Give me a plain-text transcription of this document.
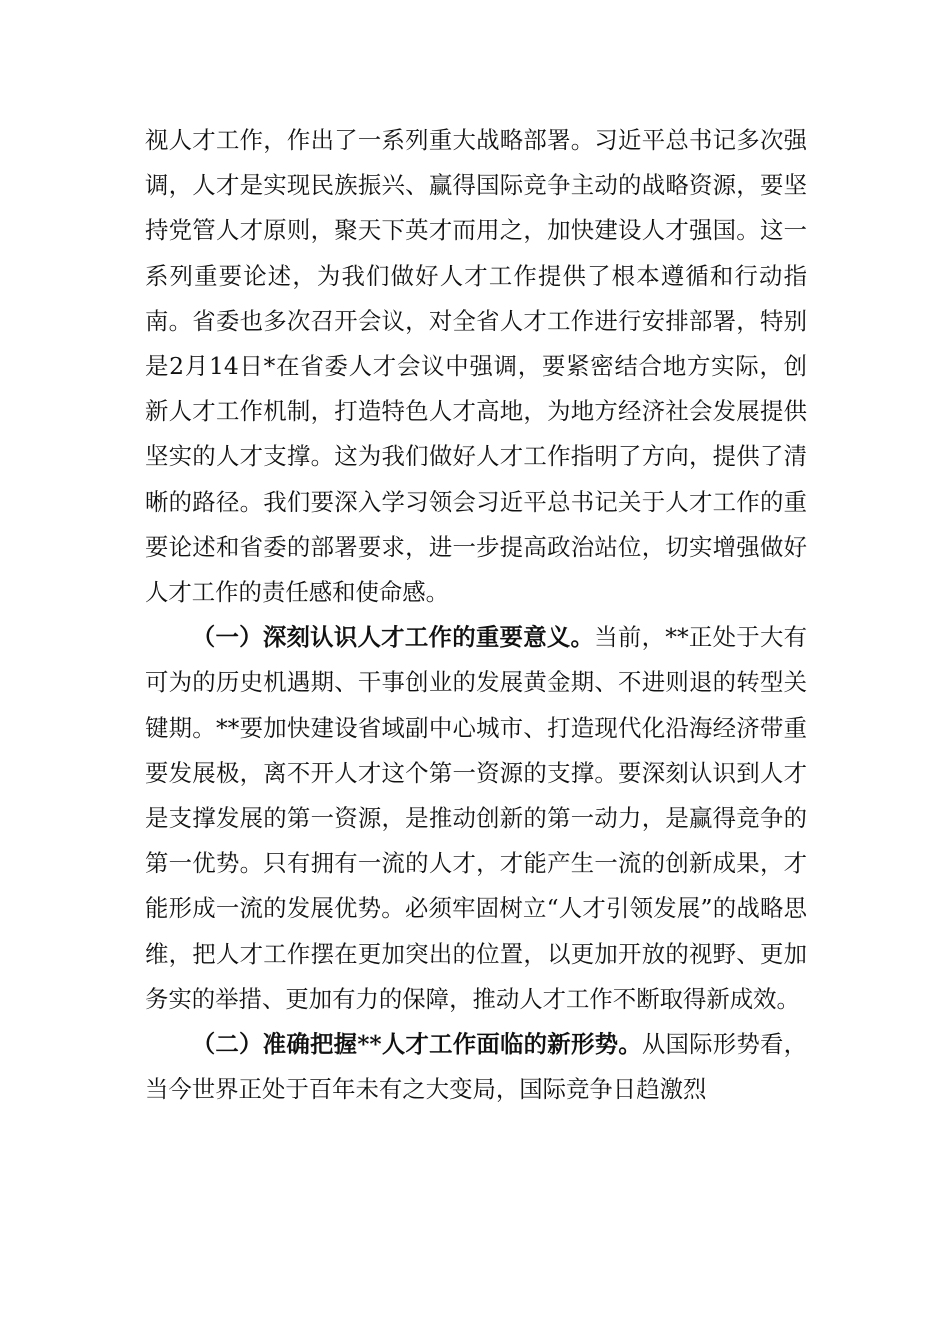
视人才工作，作出了一系列重大战略部署。习近平总书记多次强调，人才是实现民族振兴、赢得国际竞争主动的战略资源，要坚持党管人才原则，聚天下英才而用之，加快建设人才强国。这一系列重要论述，为我们做好人才工作提供了根本遵循和行动指南。省委也多次召开会议，对全省人才工作进行安排部署，特别是2月14日*在省委人才会议中强调，要紧密结合地方实际，创新人才工作机制，打造特色人才高地，为地方经济社会发展提供坚实的人才支撑。这为我们做好人才工作指明了方向，提供了清晰的路径。我们要深入学习领会习近平总书记关于人才工作的重要论述和省委的部署要求，进一步提高政治站位，切实增强做好人才工作的责任感和使命感。

（一）深刻认识人才工作的重要意义。当前，**正处于大有可为的历史机遇期、干事创业的发展黄金期、不进则退的转型关键期。**要加快建设省域副中心城市、打造现代化沿海经济带重要发展极，离不开人才这个第一资源的支撑。要深刻认识到人才是支撑发展的第一资源，是推动创新的第一动力，是赢得竞争的第一优势。只有拥有一流的人才，才能产生一流的创新成果，才能形成一流的发展优势。必须牢固树立“人才引领发展”的战略思维，把人才工作摆在更加突出的位置，以更加开放的视野、更加务实的举措、更加有力的保障，推动人才工作不断取得新成效。

（二）准确把握**人才工作面临的新形势。从国际形势看，当今世界正处于百年未有之大变局，国际竞争日趋激烈
